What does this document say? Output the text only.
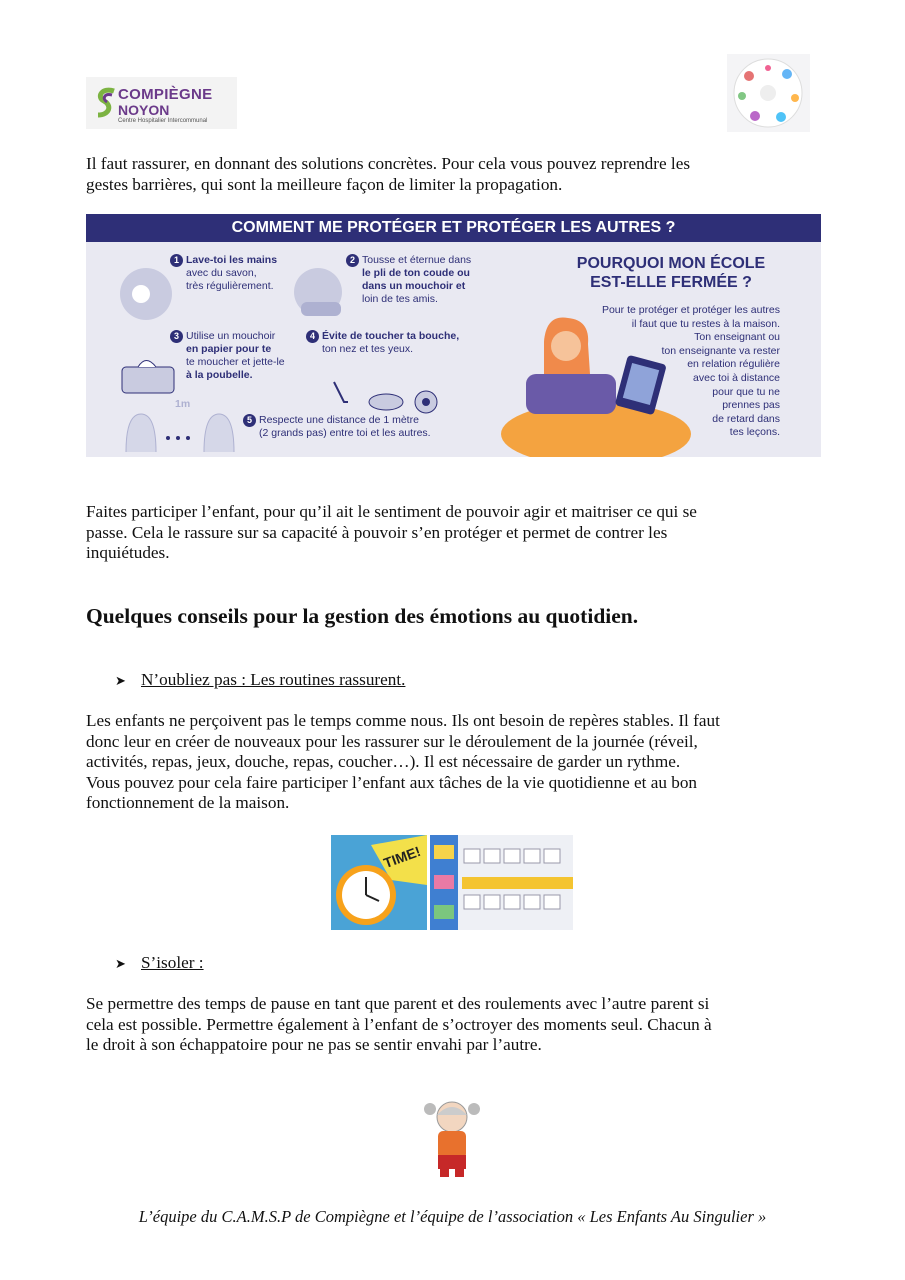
COMPIÈGNE
NOYON
Centre Hospitalier Intercommunal
Il faut rassurer, en donnant des solutions concrètes. Pour cela vous pouvez reprendre les
gestes barrières, qui sont la meilleure façon de limiter la propagation.
COMMENT ME PROTÉGER ET PROTÉGER LES AUTRES ?
1m
1 Lave-toi les mains
avec du savon,
très régulièrement.
2 Tousse et éternue dans
le pli de ton coude ou
dans un mouchoir et
loin de tes amis.
3 Utilise un mouchoir
en papier pour te
te moucher et jette-le
à la poubelle.
4 Évite de toucher ta bouche,
ton nez et tes yeux.
5 Respecte une distance de 1 mètre
(2 grands pas) entre toi et les autres.
POURQUOI MON ÉCOLE
EST-ELLE FERMÉE ?
Pour te protéger et protéger les autres
il faut que tu restes à la maison.
Ton enseignant ou
ton enseignante va rester
en relation régulière
avec toi à distance
pour que tu ne
prennes pas
de retard dans
tes leçons.
Faites participer l’enfant, pour qu’il ait le sentiment de pouvoir agir et maitriser ce qui se
passe. Cela le rassure sur sa capacité à pouvoir s’en protéger et permet de contrer les
inquiétudes.
Quelques conseils pour la gestion des émotions au quotidien.
➤ N’oubliez pas : Les routines rassurent.
Les enfants ne perçoivent pas le temps comme nous. Ils ont besoin de repères stables. Il faut
donc leur en créer de nouveaux pour les rassurer sur le déroulement de la journée (réveil,
activités, repas, jeux, douche, repas, coucher…). Il est nécessaire de garder un rythme.
Vous pouvez pour cela faire participer l’enfant aux tâches de la vie quotidienne et au bon
fonctionnement de la maison.
TIME!
➤ S’isoler :
Se permettre des temps de pause en tant que parent et des roulements avec l’autre parent si
cela est possible. Permettre également à l’enfant de s’octroyer des moments seul. Chacun à
le droit à son échappatoire pour ne pas se sentir envahi par l’autre.
L’équipe du C.A.M.S.P de Compiègne et l’équipe de l’association « Les Enfants Au Singulier »
